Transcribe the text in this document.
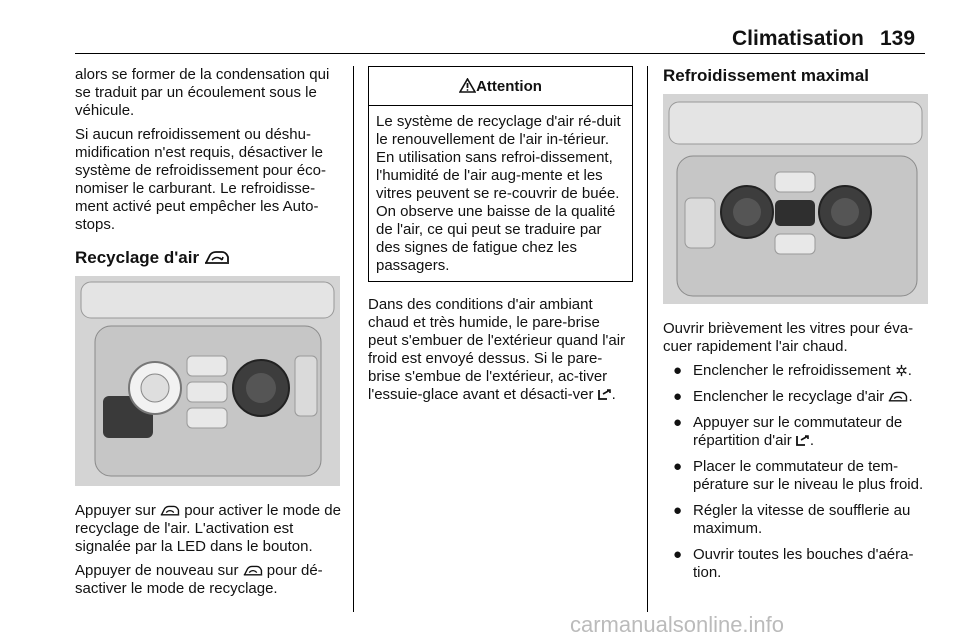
Climatisation 139

alors se former de la condensation qui se traduit par un écoulement sous le véhicule.

Si aucun refroidissement ou déshu-midification n'est requis, désactiver le système de refroidissement pour éco-nomiser le carburant. Le refroidisse-ment activé peut empêcher les Auto-stops.

Recyclage d'air

Appuyer sur pour activer le mode de recyclage de l'air. L'activation est signalée par la LED dans le bouton.

Appuyer de nouveau sur pour dé-sactiver le mode de recyclage.

Attention

Le système de recyclage d'air ré-duit le renouvellement de l'air in-térieur. En utilisation sans refroi-dissement, l'humidité de l'air aug-mente et les vitres peuvent se re-couvrir de buée. On observe une baisse de la qualité de l'air, ce qui peut se traduire par des signes de fatigue chez les passagers.

Dans des conditions d'air ambiant chaud et très humide, le pare-brise peut s'embuer de l'extérieur quand l'air froid est envoyé dessus. Si le pare-brise s'embue de l'extérieur, ac-tiver l'essuie-glace avant et désacti-ver .

Refroidissement maximal

Ouvrir brièvement les vitres pour éva-cuer rapidement l'air chaud.

● Enclencher le refroidissement .
● Enclencher le recyclage d'air .
● Appuyer sur le commutateur de répartition d'air .
● Placer le commutateur de tem-pérature sur le niveau le plus froid.
● Régler la vitesse de soufflerie au maximum.
● Ouvrir toutes les bouches d'aéra-tion.
carmanualsonline.info
